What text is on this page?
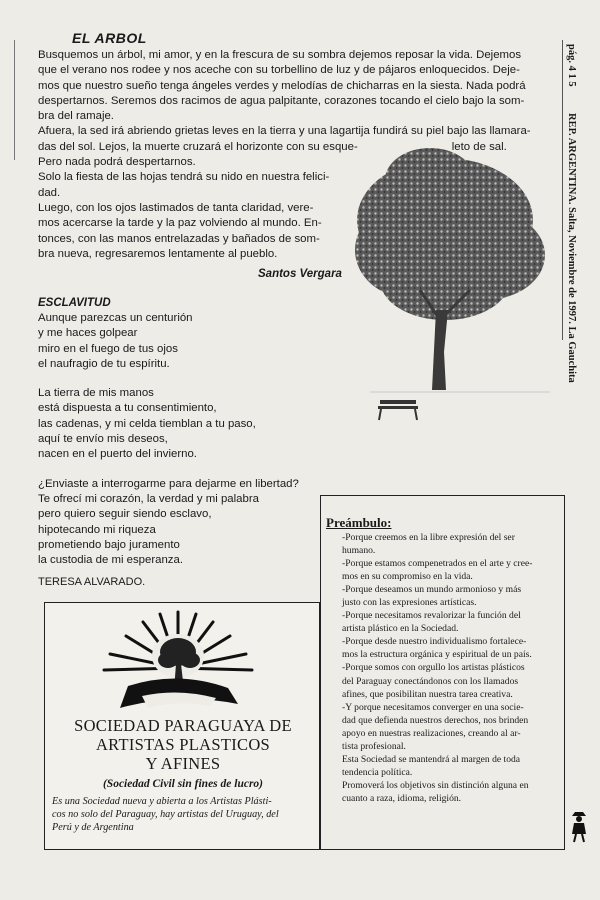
EL ARBOL

Busquemos un árbol, mi amor, y en la frescura de su sombra dejemos reposar la vida. Dejemos

que el verano nos rodee y nos aceche con su torbellino de luz y de pájaros enloquecidos. Deje-

mos que nuestro sueño tenga ángeles verdes y melodías de chicharras en la siesta. Nada podrá

despertarnos. Seremos dos racimos de agua palpitante, corazones tocando el cielo bajo la som-

bra del ramaje.

Afuera, la sed irá abriendo grietas leves en la tierra y una lagartija fundirá su piel bajo las llamara-

das del sol. Lejos, la muerte cruzará el horizonte con su esque-	leto de sal.

Pero nada podrá despertarnos.

Solo la fiesta de las hojas tendrá su nido en nuestra felici-

dad.

Luego, con los ojos lastimados de tanta claridad, vere-

mos acercarse la tarde y la paz volviendo al mundo. En-

tonces, con las manos entrelazadas y bañados de som-

bra nueva, regresaremos lentamente al pueblo.

Santos Vergara
ESCLAVITUD
Aunque parezcas un centurión
y me haces golpear
miro en el fuego de tus ojos
el naufragio de tu espíritu.
La tierra de mis manos
está dispuesta a tu consentimiento,
las cadenas, y mi celda tiemblan a tu paso,
aquí te envío mis deseos,
nacen en el puerto del invierno.
¿Enviaste a interrogarme para dejarme en libertad?
Te ofrecí mi corazón, la verdad y mi palabra
pero quiero seguir siendo esclavo,
hipotecando mi riqueza
prometiendo bajo juramento
la custodia de mi esperanza.
TERESA ALVARADO.
pág. 4 1 5 REP. ARGENTINA. Salta, Noviembre de 1997. La Gauchita
Preámbulo:
-Porque creemos en la libre expresión del ser
humano.
-Porque estamos compenetrados en el arte y cree-
mos en su compromiso en la vida.
-Porque deseamos un mundo armonioso y más
justo con las expresiones artísticas.
-Porque necesitamos revalorizar la función del
artista plástico en la Sociedad.
-Porque desde nuestro individualismo fortalece-
mos la estructura orgánica y espiritual de un país.
-Porque somos con orgullo los artistas plásticos
del Paraguay conectándonos con los llamados
afines, que posibilitan nuestra tarea creativa.
-Y porque necesitamos converger en una socie-
dad que defienda nuestros derechos, nos brinden
apoyo en nuestras realizaciones, creando al ar-
tista profesional.
Esta Sociedad se mantendrá al margen de toda
tendencia política.
Promoverá los objetivos sin distinción alguna en
cuanto a raza, idioma, religión.
SOCIEDAD PARAGUAYA DE
ARTISTAS PLASTICOS
Y AFINES
(Sociedad Civil sin fines de lucro)
Es una Sociedad nueva y abierta a los Artistas Plásti-
cos no solo del Paraguay, hay artistas del Uruguay, del
Perú y de Argentina
